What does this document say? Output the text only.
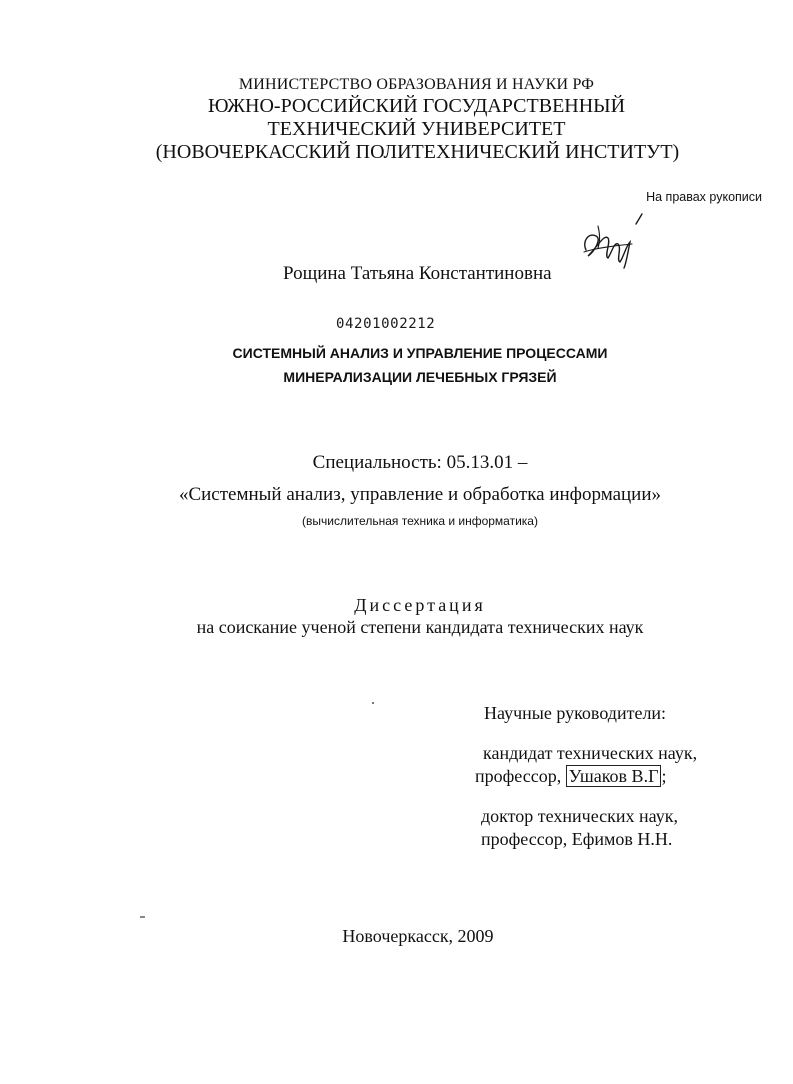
МИНИСТЕРСТВО ОБРАЗОВАНИЯ И НАУКИ РФ
ЮЖНО-РОССИЙСКИЙ ГОСУДАРСТВЕННЫЙ
ТЕХНИЧЕСКИЙ УНИВЕРСИТЕТ
(НОВОЧЕРКАССКИЙ ПОЛИТЕХНИЧЕСКИЙ ИНСТИТУТ)
На правах рукописи
Рощина Татьяна Константиновна
04201002212
СИСТЕМНЫЙ АНАЛИЗ И УПРАВЛЕНИЕ ПРОЦЕССАМИ
МИНЕРАЛИЗАЦИИ ЛЕЧЕБНЫХ ГРЯЗЕЙ
Специальность: 05.13.01 –
«Системный анализ, управление и обработка информации»
(вычислительная техника и информатика)
Диссертация
на соискание ученой степени кандидата технических наук
Научные руководители:
кандидат технических наук,
профессор, Ушаков В.Г ;
доктор технических наук,
профессор, Ефимов Н.Н.
Новочеркасск, 2009
